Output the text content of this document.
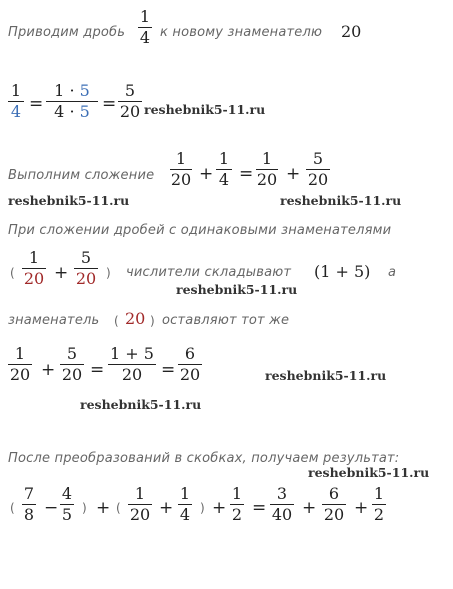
Приводим дробь
1
4 к новому знаменателю 20
1
4 =
1 · 5
4 · 5 =
5
20 reshebnik5-11.ru
Выполним сложение
1
20 +
1
4 =
1
20 +
5
20
reshebnik5-11.ru	reshebnik5-11.ru
При сложении дробей с одинаковыми знаменателями
(
1
20 +
5
20 ) числители складывают (1 + 5) а
reshebnik5-11.ru
знаменатель ( 20 ) оставляют тот же
1
20 +
5
20 =
1 + 5
20	=
6
20	reshebnik5-11.ru
reshebnik5-11.ru
После преобразований в скобках, получаем результат:
reshebnik5-11.ru
(
7
8 −
4
5 ) + (
1
20 +
1
4 ) +
1
2 =
3
40 +
6
20 +
1
2
